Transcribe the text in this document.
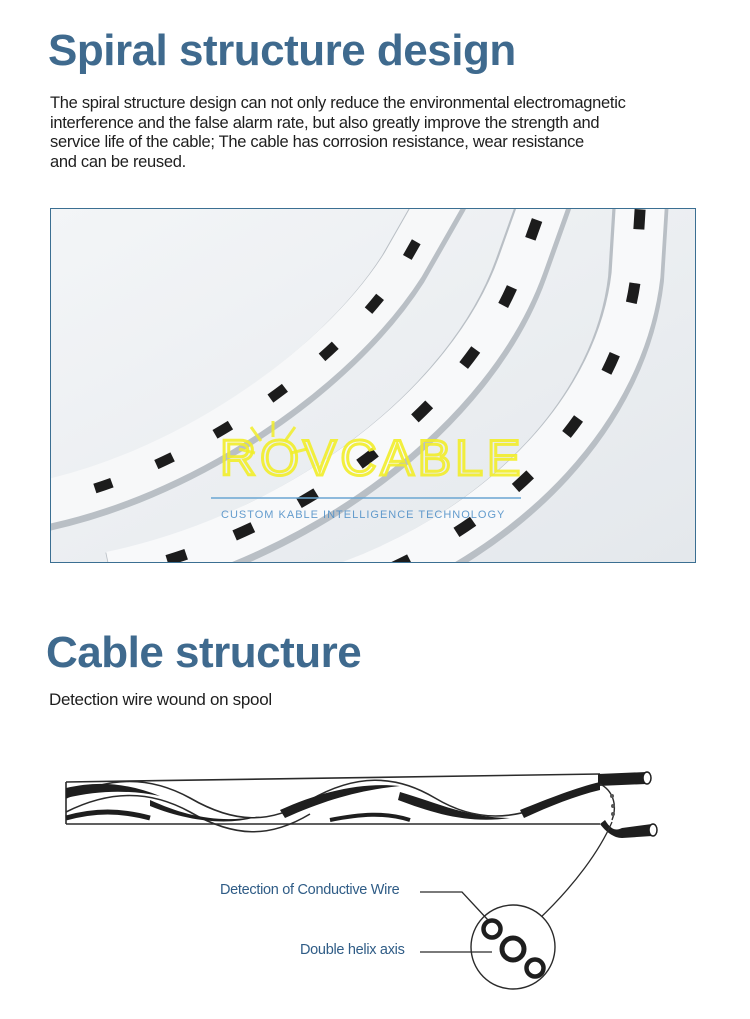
Spiral structure design
The spiral structure design can not only reduce the environmental electromagnetic
interference and the false alarm rate, but also greatly improve the strength and
service life of the cable; The cable has corrosion resistance, wear resistance
and can be reused.
ROVCABLE
CUSTOM KABLE INTELLIGENCE TECHNOLOGY
Cable structure
Detection wire wound on spool
Detection of Conductive Wire
Double helix axis
